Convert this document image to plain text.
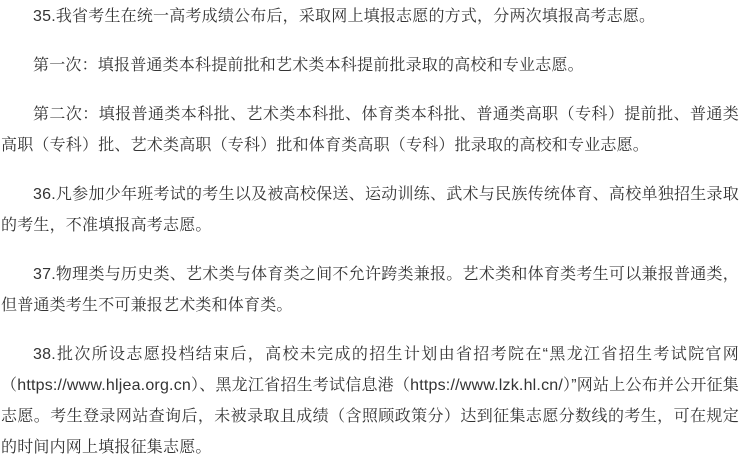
35.我省考生在统一高考成绩公布后，采取网上填报志愿的方式，分两次填报高考志愿。

第一次：填报普通类本科提前批和艺术类本科提前批录取的高校和专业志愿。

第二次：填报普通类本科批、艺术类本科批、体育类本科批、普通类高职（专科）提前批、普通类高职（专科）批、艺术类高职（专科）批和体育类高职（专科）批录取的高校和专业志愿。

36.凡参加少年班考试的考生以及被高校保送、运动训练、武术与民族传统体育、高校单独招生录取的考生，不准填报高考志愿。

37.物理类与历史类、艺术类与体育类之间不允许跨类兼报。艺术类和体育类考生可以兼报普通类，但普通类考生不可兼报艺术类和体育类。

38.批次所设志愿投档结束后，高校未完成的招生计划由省招考院在“黑龙江省招生考试院官网（https://www.hljea.org.cn）、黑龙江省招生考试信息港（https://www.lzk.hl.cn/）”网站上公布并公开征集志愿。考生登录网站查询后，未被录取且成绩（含照顾政策分）达到征集志愿分数线的考生，可在规定的时间内网上填报征集志愿。
